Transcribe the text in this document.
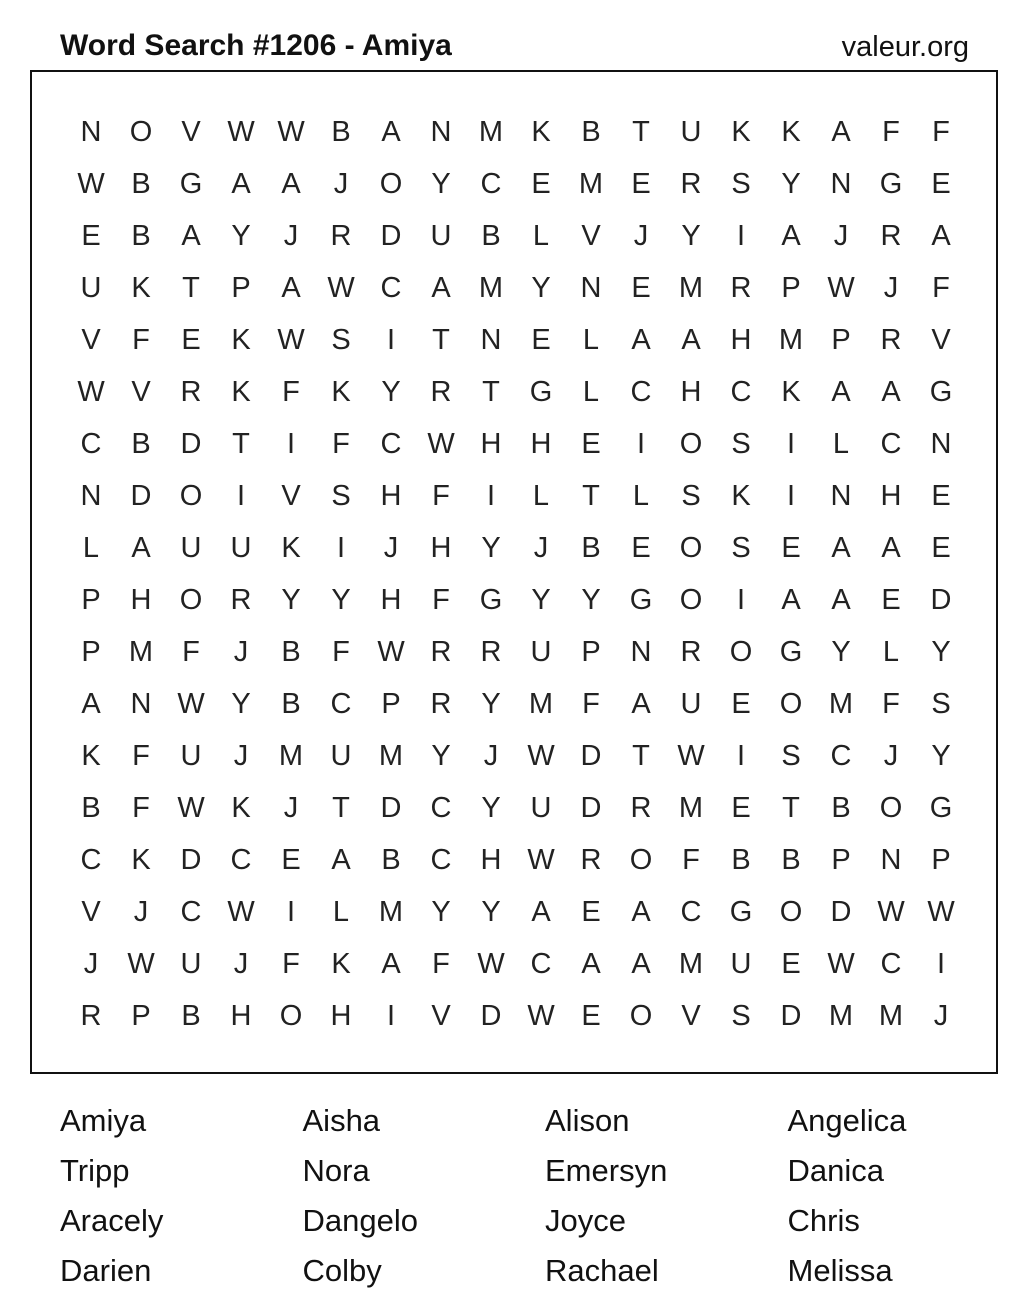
Word Search #1206 - Amiya	valeur.org
N O	V W W B	A	N M K	B	T	U	K	K	A	F	F
W B	G	A	A	J	O	Y	C	E M E	R	S	Y	N G	E
E	B	A	Y	J	R	D	U	B	L	V	J	Y	I	A	J	R	A
U	K	T	P	A W C	A M Y	N	E M R	P W	J	F
V	F	E	K W S	I	T	N	E	L	A	A	H M P	R	V
W V	R	K	F	K	Y	R	T	G	L	C	H	C	K	A	A	G
C	B	D	T	I	F	C W H	H	E	I	O	S	I	L	C	N
N	D O	I	V	S	H	F	I	L	T	L	S	K	I	N	H	E
L	A	U	U	K	I	J	H	Y	J	B	E	O	S	E	A	A	E
P	H O R	Y	Y	H	F	G	Y	Y	G O	I	A	A	E	D
P M	F	J	B	F W R	R	U	P	N	R O G	Y	L	Y
A	N W Y	B	C	P	R	Y M	F	A	U	E	O M	F	S
K	F	U	J	M U M Y	J	W D	T W	I	S	C	J	Y
B	F W K	J	T	D	C	Y	U	D	R M E	T	B	O G
C	K	D	C	E	A	B	C	H W R O	F	B	B	P	N	P
V	J	C W	I	L	M Y	Y	A	E	A	C G O D W W
J	W U	J	F	K	A	F W C	A	A M U	E W C	I
R	P	B	H O H	I	V	D W E	O	V	S	D M M	J
Amiya	Aisha	Alison	Angelica
Tripp	Nora	Emersyn	Danica
Aracely	Dangelo	Joyce	Chris
Darien	Colby	Rachael	Melissa
